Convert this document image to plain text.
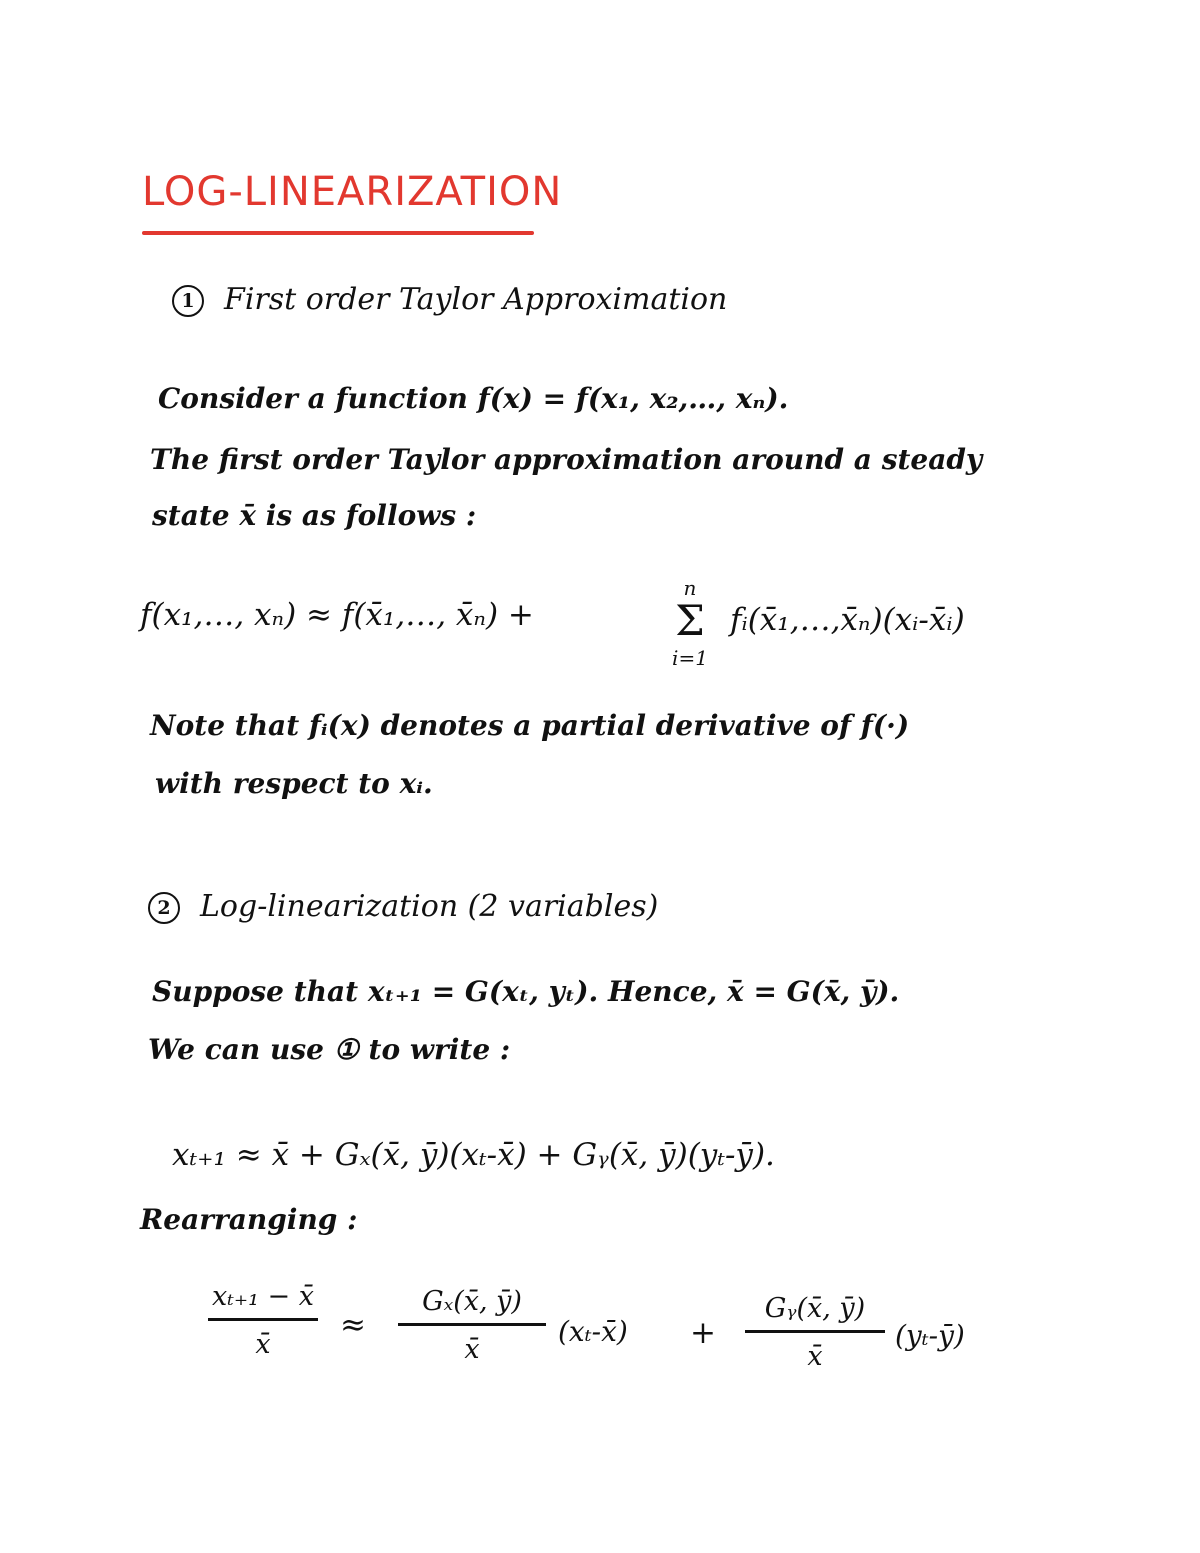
LOG-LINEARIZATION
1 First order Taylor Approximation
Consider a function f(x) = f(x₁, x₂,…, xₙ).
The first order Taylor approximation around a steady
state x̄ is as follows :
f(x₁,…, xₙ) ≈ f(x̄₁,…, x̄ₙ) +
n
Σ
i=1
fᵢ(x̄₁,…,x̄ₙ)(xᵢ-x̄ᵢ)
Note that fᵢ(x) denotes a partial derivative of f(·)
with respect to xᵢ.
2 Log-linearization (2 variables)
Suppose that xₜ₊₁ = G(xₜ, yₜ). Hence, x̄ = G(x̄, ȳ).
We can use ① to write :
xₜ₊₁ ≈ x̄ + Gₓ(x̄, ȳ)(xₜ-x̄) + Gᵧ(x̄, ȳ)(yₜ-ȳ).
Rearranging :
xₜ₊₁ − x̄
x̄
≈
Gₓ(x̄, ȳ)
x̄
(xₜ-x̄) +
Gᵧ(x̄, ȳ)
x̄
(yₜ-ȳ)
